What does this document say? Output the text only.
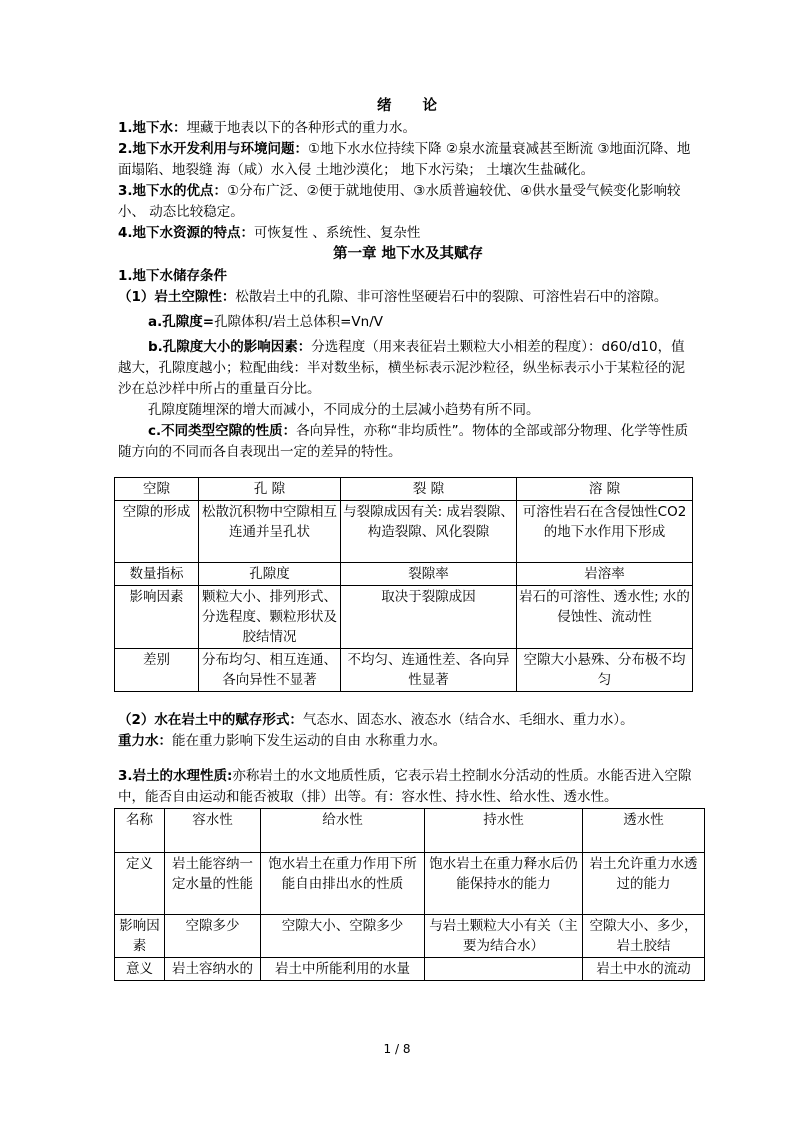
绪 论

1.地下水：埋藏于地表以下的各种形式的重力水。

2.地下水开发利用与环境问题：①地下水水位持续下降 ②泉水流量衰减甚至断流 ③地面沉降、地面塌陷、地裂缝 海（咸）水入侵 土地沙漠化； 地下水污染； 土壤次生盐碱化。

3.地下水的优点：①分布广泛、②便于就地使用、③水质普遍较优、④供水量受气候变化影响较小、 动态比较稳定。

4.地下水资源的特点：可恢复性 、系统性、复杂性

第一章 地下水及其赋存

1.地下水储存条件

（1）岩土空隙性：松散岩土中的孔隙、非可溶性坚硬岩石中的裂隙、可溶性岩石中的溶隙。

a.孔隙度=孔隙体积/岩土总体积=Vn/V

b.孔隙度大小的影响因素：分选程度（用来表征岩土颗粒大小相差的程度）：d60/d10，值越大，孔隙度越小；粒配曲线：半对数坐标，横坐标表示泥沙粒径，纵坐标表示小于某粒径的泥沙在总沙样中所占的重量百分比。

孔隙度随埋深的增大而减小，不同成分的土层减小趋势有所不同。

c.不同类型空隙的性质：各向异性，亦称“非均质性”。物体的全部或部分物理、化学等性质随方向的不同而各自表现出一定的差异的特性。

空隙	孔 隙	裂 隙	溶 隙
空隙的形成	松散沉积物中空隙相互连通并呈孔状	与裂隙成因有关: 成岩裂隙、构造裂隙、风化裂隙	可溶性岩石在含侵蚀性CO2的地下水作用下形成
数量指标	孔隙度	裂隙率	岩溶率
影响因素	颗粒大小、排列形式、分选程度、颗粒形状及胶结情况	取决于裂隙成因	岩石的可溶性、透水性; 水的侵蚀性、流动性
差别	分布均匀、相互连通、各向异性不显著	不均匀、连通性差、各向异性显著	空隙大小悬殊、分布极不均匀

（2）水在岩土中的赋存形式：气态水、固态水、液态水（结合水、毛细水、重力水）。

重力水：能在重力影响下发生运动的自由 水称重力水。

3.岩土的水理性质:亦称岩土的水文地质性质，它表示岩土控制水分活动的性质。水能否进入空隙中，能否自由运动和能否被取（排）出等。有：容水性、持水性、给水性、透水性。

名称	容水性	给水性	持水性	透水性
定义	岩土能容纳一定水量的性能	饱水岩土在重力作用下所能自由排出水的性质	饱水岩土在重力释水后仍能保持水的能力	岩土允许重力水透过的能力
影响因素	空隙多少	空隙大小、空隙多少	与岩土颗粒大小有关（主要为结合水）	空隙大小、多少，岩土胶结
意义	岩土容纳水的	岩土中所能利用的水量		岩土中水的流动
1 / 8
